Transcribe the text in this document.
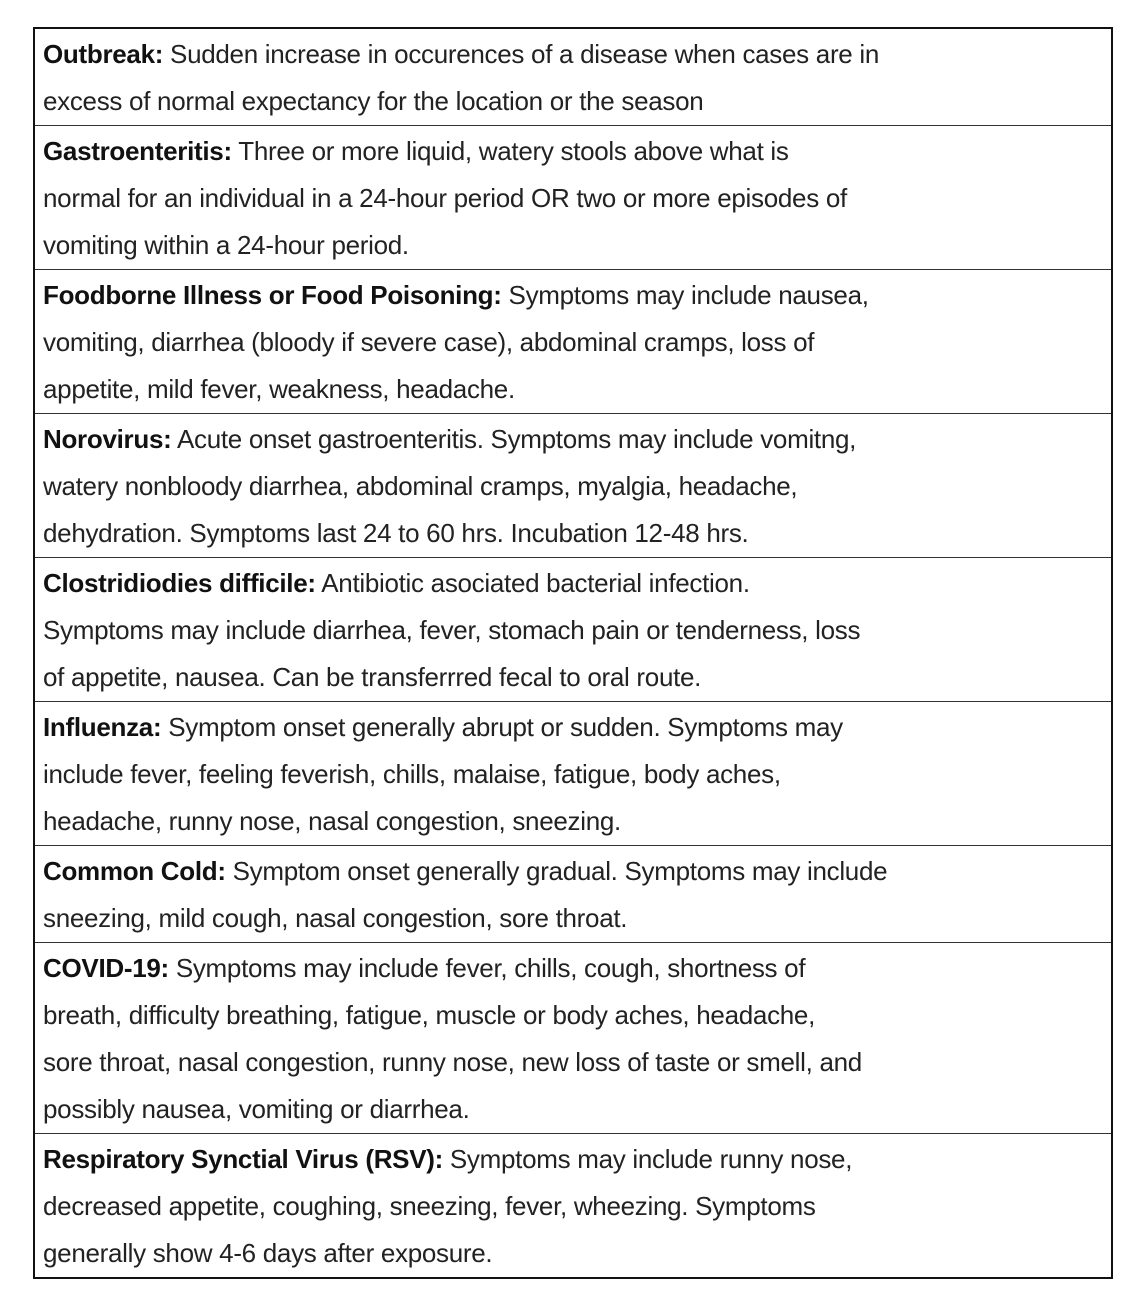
Outbreak: Sudden increase in occurences of a disease when cases are in
excess of normal expectancy for the location or the season
Gastroenteritis: Three or more liquid, watery stools above what is
normal for an individual in a 24-hour period OR two or more episodes of
vomiting within a 24-hour period.
Foodborne Illness or Food Poisoning: Symptoms may include nausea,
vomiting, diarrhea (bloody if severe case), abdominal cramps, loss of
appetite, mild fever, weakness, headache.
Norovirus: Acute onset gastroenteritis. Symptoms may include vomitng,
watery nonbloody diarrhea, abdominal cramps, myalgia, headache,
dehydration. Symptoms last 24 to 60 hrs. Incubation 12-48 hrs.
Clostridiodies difficile: Antibiotic asociated bacterial infection.
Symptoms may include diarrhea, fever, stomach pain or tenderness, loss
of appetite, nausea. Can be transferrred fecal to oral route.
Influenza: Symptom onset generally abrupt or sudden. Symptoms may
include fever, feeling feverish, chills, malaise, fatigue, body aches,
headache, runny nose, nasal congestion, sneezing.
Common Cold: Symptom onset generally gradual. Symptoms may include
sneezing, mild cough, nasal congestion, sore throat.
COVID-19: Symptoms may include fever, chills, cough, shortness of
breath, difficulty breathing, fatigue, muscle or body aches, headache,
sore throat, nasal congestion, runny nose, new loss of taste or smell, and
possibly nausea, vomiting or diarrhea.
Respiratory Synctial Virus (RSV): Symptoms may include runny nose,
decreased appetite, coughing, sneezing, fever, wheezing. Symptoms
generally show 4-6 days after exposure.
